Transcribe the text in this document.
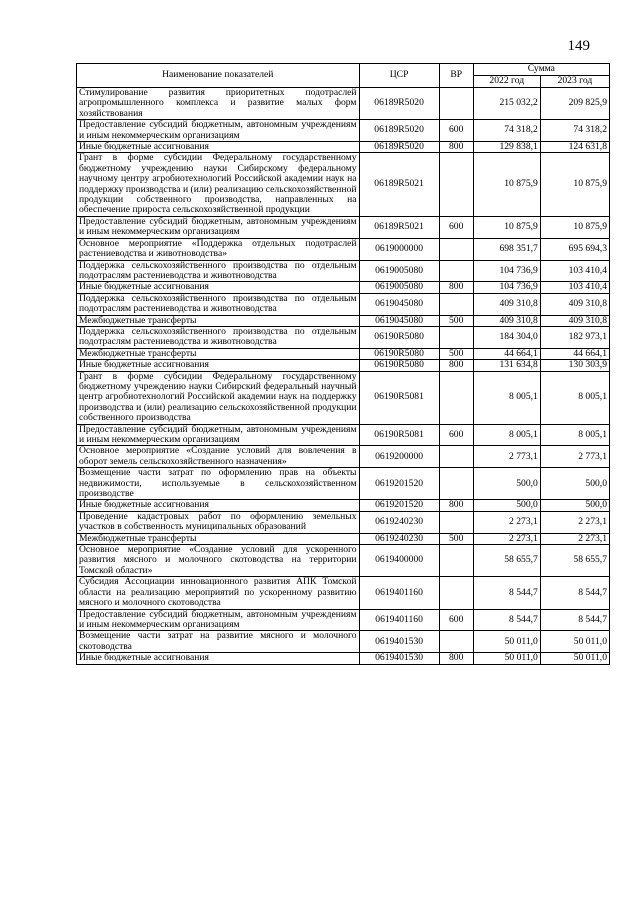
149
Наименование показателей	ЦСР	ВР	Сумма	
			2022 год	2023 год
Стимулирование развития приоритетных подотраслей агропромышленного комплекса и развитие малых форм хозяйствования	06189R5020		215 032,2	209 825,9
Предоставление субсидий бюджетным, автономным учреждениям и иным некоммерческим организациям	06189R5020	600	74 318,2	74 318,2
Иные бюджетные ассигнования	06189R5020	800	129 838,1	124 631,8
Грант в форме субсидии Федеральному государственному бюджетному учреждению науки Сибирскому федеральному научному центру агробиотехнологий Российской академии наук на поддержку производства и (или) реализацию сельскохозяйственной продукции собственного производства, направленных на обеспечение прироста сельскохозяйственной продукции	06189R5021		10 875,9	10 875,9
Предоставление субсидий бюджетным, автономным учреждениям и иным некоммерческим организациям	06189R5021	600	10 875,9	10 875,9
Основное мероприятие «Поддержка отдельных подотраслей растениеводства и животноводства»	0619000000		698 351,7	695 694,3
Поддержка сельскохозяйственного производства по отдельным подотраслям растениеводства и животноводства	0619005080		104 736,9	103 410,4
Иные бюджетные ассигнования	0619005080	800	104 736,9	103 410,4
Поддержка сельскохозяйственного производства по отдельным подотраслям растениеводства и животноводства	0619045080		409 310,8	409 310,8
Межбюджетные трансферты	0619045080	500	409 310,8	409 310,8
Поддержка сельскохозяйственного производства по отдельным подотраслям растениеводства и животноводства	06190R5080		184 304,0	182 973,1
Межбюджетные трансферты	06190R5080	500	44 664,1	44 664,1
Иные бюджетные ассигнования	06190R5080	800	131 634,8	130 303,9
Грант в форме субсидии Федеральному государственному бюджетному учреждению науки Сибирский федеральный научный центр агробиотехнологий Российской академии наук на поддержку производства и (или) реализацию сельскохозяйственной продукции собственного производства	06190R5081		8 005,1	8 005,1
Предоставление субсидий бюджетным, автономным учреждениям и иным некоммерческим организациям	06190R5081	600	8 005,1	8 005,1
Основное мероприятие «Создание условий для вовлечения в оборот земель сельскохозяйственного назначения»	0619200000		2 773,1	2 773,1
Возмещение части затрат по оформлению прав на объекты недвижимости, используемые в сельскохозяйственном производстве	0619201520		500,0	500,0
Иные бюджетные ассигнования	0619201520	800	500,0	500,0
Проведение кадастровых работ по оформлению земельных участков в собственность муниципальных образований	0619240230		2 273,1	2 273,1
Межбюджетные трансферты	0619240230	500	2 273,1	2 273,1
Основное мероприятие «Создание условий для ускоренного развития мясного и молочного скотоводства на территории Томской области»	0619400000		58 655,7	58 655,7
Субсидия Ассоциации инновационного развития АПК Томской области на реализацию мероприятий по ускоренному развитию мясного и молочного скотоводства	0619401160		8 544,7	8 544,7
Предоставление субсидий бюджетным, автономным учреждениям и иным некоммерческим организациям	0619401160	600	8 544,7	8 544,7
Возмещение части затрат на развитие мясного и молочного скотоводства	0619401530		50 011,0	50 011,0
Иные бюджетные ассигнования	0619401530	800	50 011,0	50 011,0
